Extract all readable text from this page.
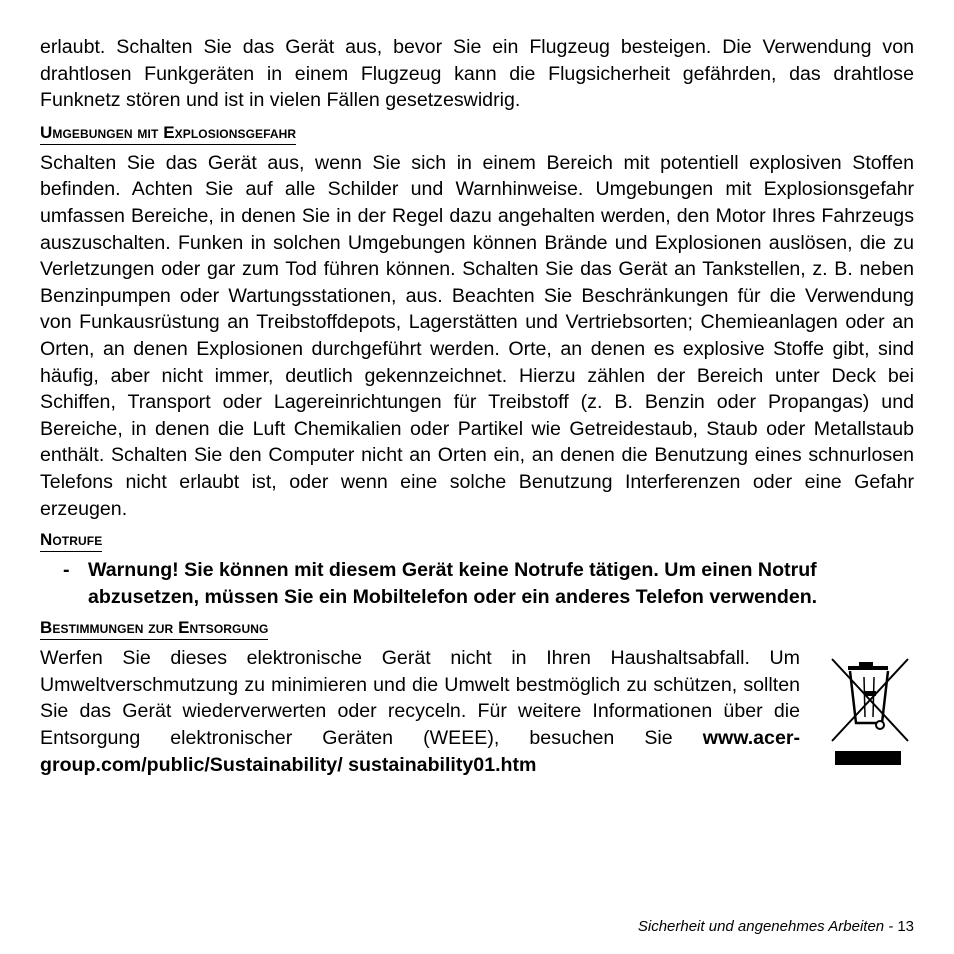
erlaubt. Schalten Sie das Gerät aus, bevor Sie ein Flugzeug besteigen. Die Verwendung von drahtlosen Funkgeräten in einem Flugzeug kann die Flugsicherheit gefährden, das drahtlose Funknetz stören und ist in vielen Fällen gesetzeswidrig.

Umgebungen mit Explosionsgefahr

Schalten Sie das Gerät aus, wenn Sie sich in einem Bereich mit potentiell explosiven Stoffen befinden. Achten Sie auf alle Schilder und Warnhinweise. Umgebungen mit Explosionsgefahr umfassen Bereiche, in denen Sie in der Regel dazu angehalten werden, den Motor Ihres Fahrzeugs auszuschalten. Funken in solchen Umgebungen können Brände und Explosionen auslösen, die zu Verletzungen oder gar zum Tod führen können. Schalten Sie das Gerät an Tankstellen, z. B. neben Benzinpumpen oder Wartungsstationen, aus. Beachten Sie Beschränkungen für die Verwendung von Funkausrüstung an Treibstoffdepots, Lagerstätten und Vertriebsorten; Chemieanlagen oder an Orten, an denen Explosionen durchgeführt werden. Orte, an denen es explosive Stoffe gibt, sind häufig, aber nicht immer, deutlich gekennzeichnet. Hierzu zählen der Bereich unter Deck bei Schiffen, Transport oder Lagereinrichtungen für Treibstoff (z. B. Benzin oder Propangas) und Bereiche, in denen die Luft Chemikalien oder Partikel wie Getreidestaub, Staub oder Metallstaub enthält. Schalten Sie den Computer nicht an Orten ein, an denen die Benutzung eines schnurlosen Telefons nicht erlaubt ist, oder wenn eine solche Benutzung Interferenzen oder eine Gefahr erzeugen.

Notrufe
- Warnung! Sie können mit diesem Gerät keine Notrufe tätigen. Um einen Notruf abzusetzen, müssen Sie ein Mobiltelefon oder ein anderes Telefon verwenden.
Bestimmungen zur Entsorgung

Werfen Sie dieses elektronische Gerät nicht in Ihren Haushaltsabfall. Um Umweltverschmutzung zu minimieren und die Umwelt bestmöglich zu schützen, sollten Sie das Gerät wiederverwerten oder recyceln. Für weitere Informationen über die Entsorgung elektronischer Geräten (WEEE), besuchen Sie www.acer-group.com/public/Sustainability/ sustainability01.htm

Sicherheit und angenehmes Arbeiten - 13
